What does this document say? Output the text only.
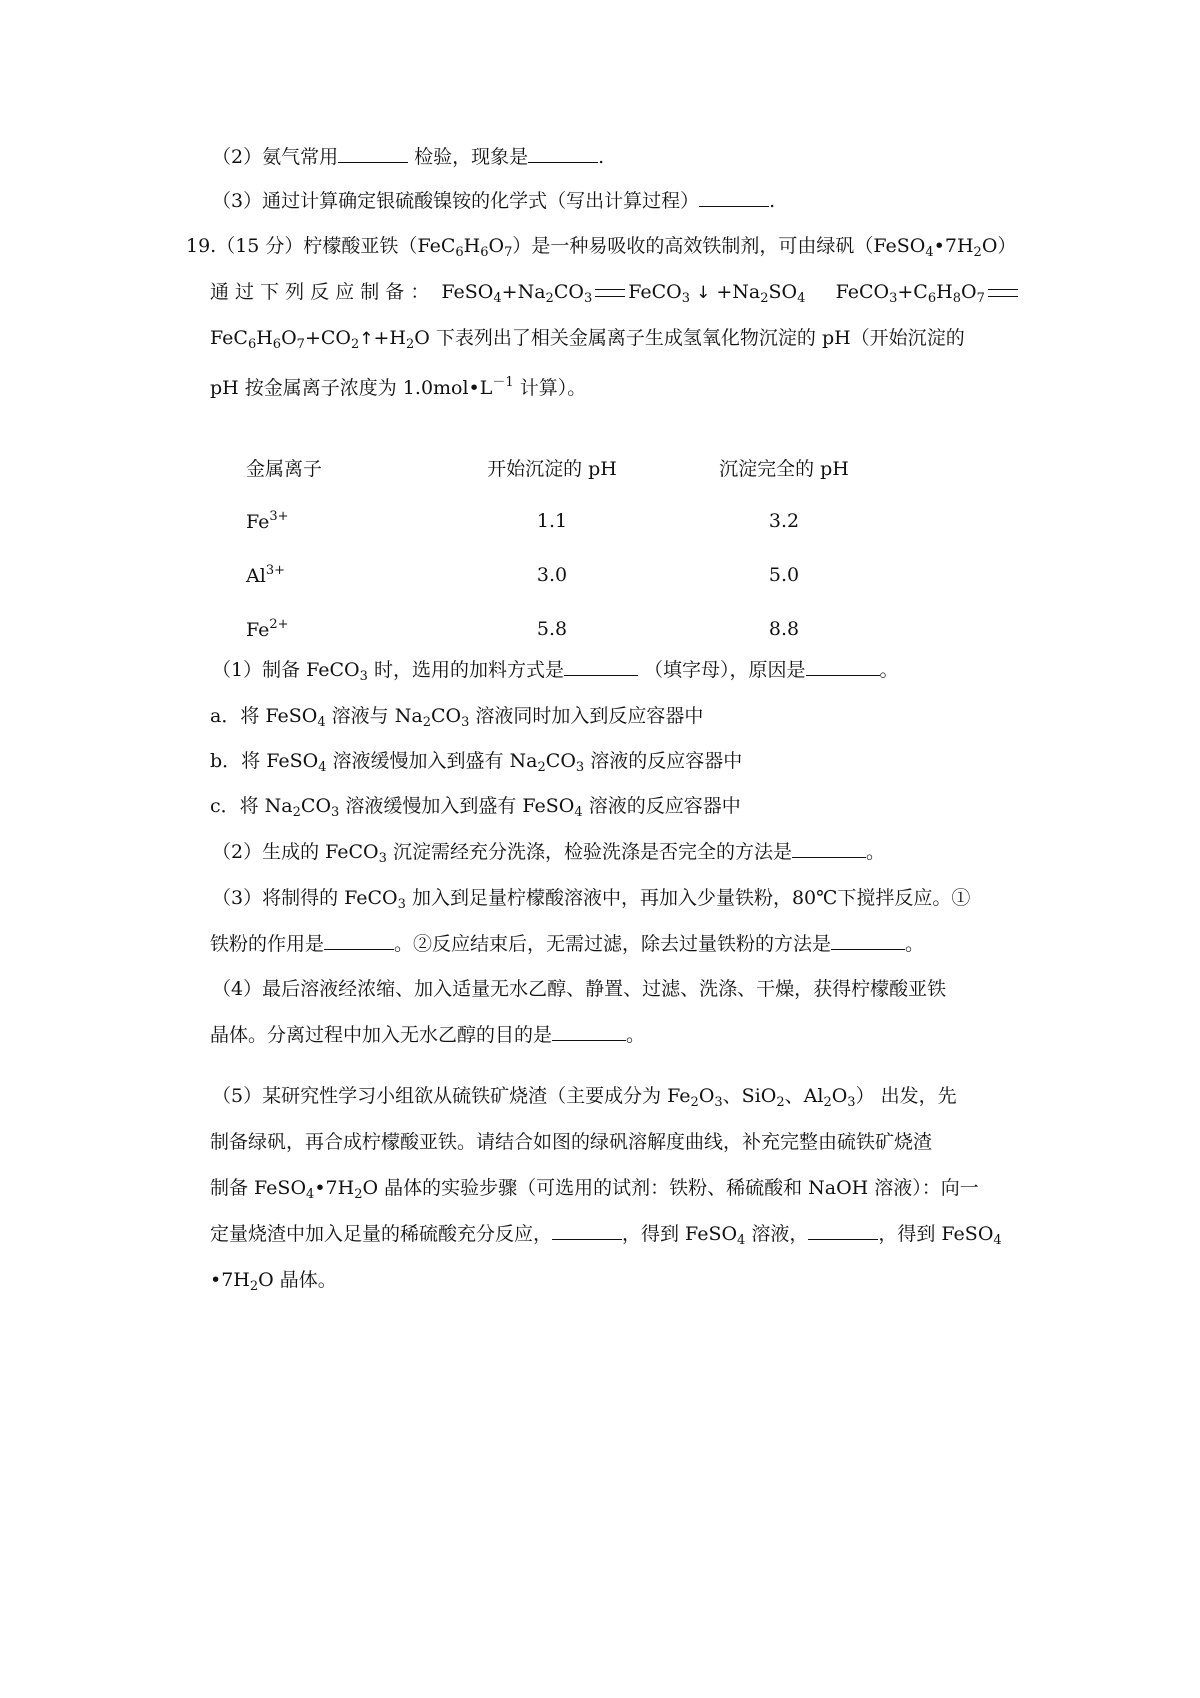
（2）氨气常用	检验，现象是	.
（3）通过计算确定银硫酸镍铵的化学式（写出计算过程）	.
19.（15 分）柠檬酸亚铁$(FeC_6H_6O_7)$是一种易吸收的高效铁制剂，可由绿矾$(FeSO_4•7H_2O)$
通 过 下 列 反 应 制 备 ：  $FeSO_4+Na_2CO_3$ FeCO$_3$ ↓ $+Na_2SO_4$     $FeCO_3+C_6H_8O_7$
$FeC_6H_6O_7+CO_2↑+H_2O$ 下表列出了相关金属离子生成氢氧化物沉淀的 pH（开始沉淀的
pH 按金属离子浓度为 $1.0mol•L^{-1}$ 计算）。
金属离子	开始沉淀的 pH	沉淀完全的 pH
$Fe^{3+}$	1.1	3.2
$Al^{3+}$	3.0	5.0
$Fe^{2+}$	5.8	8.8
（1）制备 FeCO$_3$ 时，选用的加料方式是	（填字母），原因是	。
a．将 FeSO$_4$ 溶液与 $Na_2CO_3$ 溶液同时加入到反应容器中
b．将 FeSO$_4$ 溶液缓慢加入到盛有 $Na_2CO_3$ 溶液的反应容器中
c．将 $Na_2CO_3$ 溶液缓慢加入到盛有 FeSO$_4$ 溶液的反应容器中
（2）生成的 FeCO$_3$ 沉淀需经充分洗涤，检验洗涤是否完全的方法是	。
（3）将制得的 FeCO$_3$ 加入到足量柠檬酸溶液中，再加入少量铁粉，80℃下搅拌反应。①
铁粉的作用是	。②反应结束后，无需过滤，除去过量铁粉的方法是	。
（4）最后溶液经浓缩、加入适量无水乙醇、静置、过滤、洗涤、干燥，获得柠檬酸亚铁
晶体。分离过程中加入无水乙醇的目的是	。
（5）某研究性学习小组欲从硫铁矿烧渣（主要成分为 $Fe_2O_3$、SiO$_2$、$Al_2O_3$） 出发，先
制备绿矾，再合成柠檬酸亚铁。请结合如图的绿矾溶解度曲线，补充完整由硫铁矿烧渣
制备 $FeSO_4•7H_2O$ 晶体的实验步骤（可选用的试剂：铁粉、稀硫酸和 NaOH 溶液）：向一
定量烧渣中加入足量的稀硫酸充分反应，	，得到 FeSO$_4$ 溶液，	，得到 FeSO$_4$
$•7H_2O$ 晶体。
